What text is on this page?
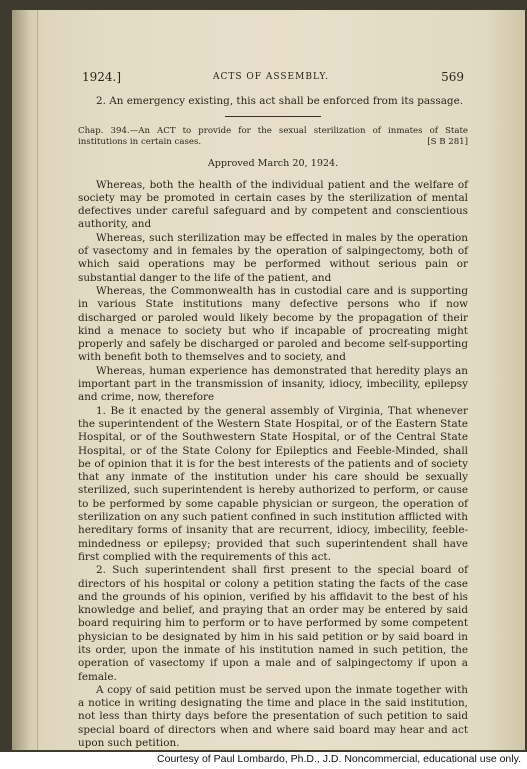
1924.]	ACTS OF ASSEMBLY.	569

2. An emergency existing, this act shall be enforced from its passage.

Chap. 394.—An ACT to provide for the sexual sterilization of inmates of State institutions in certain cases.	[S B 281]

Approved March 20, 1924.

Whereas, both the health of the individual patient and the welfare of society may be promoted in certain cases by the sterilization of mental defectives under careful safeguard and by competent and conscientious authority, and

Whereas, such sterilization may be effected in males by the operation of vasectomy and in females by the operation of salpingectomy, both of which said operations may be performed without serious pain or substantial danger to the life of the patient, and

Whereas, the Commonwealth has in custodial care and is supporting in various State institutions many defective persons who if now discharged or paroled would likely become by the propagation of their kind a menace to society but who if incapable of procreating might properly and safely be discharged or paroled and become self-supporting with benefit both to themselves and to society, and

Whereas, human experience has demonstrated that heredity plays an important part in the transmission of insanity, idiocy, imbecility, epilepsy and crime, now, therefore

1. Be it enacted by the general assembly of Virginia, That whenever the superintendent of the Western State Hospital, or of the Eastern State Hospital, or of the Southwestern State Hospital, or of the Central State Hospital, or of the State Colony for Epileptics and Feeble-Minded, shall be of opinion that it is for the best interests of the patients and of society that any inmate of the institution under his care should be sexually sterilized, such superintendent is hereby authorized to perform, or cause to be performed by some capable physician or surgeon, the operation of sterilization on any such patient confined in such institution afflicted with hereditary forms of insanity that are recurrent, idiocy, imbecility, feeble-mindedness or epilepsy; provided that such superintendent shall have first complied with the requirements of this act.

2. Such superintendent shall first present to the special board of directors of his hospital or colony a petition stating the facts of the case and the grounds of his opinion, verified by his affidavit to the best of his knowledge and belief, and praying that an order may be entered by said board requiring him to perform or to have performed by some competent physician to be designated by him in his said petition or by said board in its order, upon the inmate of his institution named in such petition, the operation of vasectomy if upon a male and of salpingectomy if upon a female.

A copy of said petition must be served upon the inmate together with a notice in writing designating the time and place in the said institution, not less than thirty days before the presentation of such petition to said special board of directors when and where said board may hear and act upon such petition.

Courtesy of Paul Lombardo, Ph.D., J.D. Noncommercial, educational use only.
